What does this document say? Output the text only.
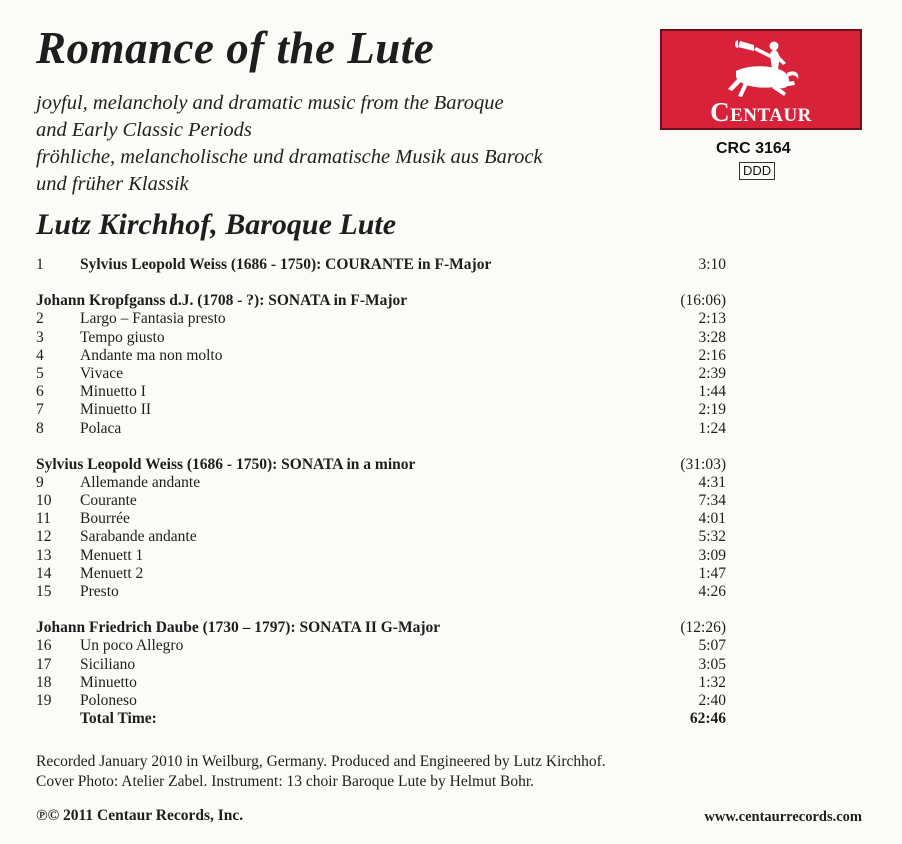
Romance of the Lute
joyful, melancholy and dramatic music from the Baroque
and Early Classic Periods
fröhliche, melancholische und dramatische Musik aus Barock
und früher Klassik
Lutz Kirchhof, Baroque Lute
Centaur
CRC 3164
DDD
1 Sylvius Leopold Weiss (1686 - 1750): COURANTE in F-Major	3:10
Johann Kropfganss d.J. (1708 - ?): SONATA in F-Major	(16:06)
2 Largo – Fantasia presto	2:13
3 Tempo giusto	3:28
4 Andante ma non molto	2:16
5 Vivace	2:39
6 Minuetto I	1:44
7 Minuetto II	2:19
8 Polaca	1:24
Sylvius Leopold Weiss (1686 - 1750): SONATA in a minor	(31:03)
9 Allemande andante	4:31
10 Courante	7:34
11 Bourrée	4:01
12 Sarabande andante	5:32
13 Menuett 1	3:09
14 Menuett 2	1:47
15 Presto	4:26
Johann Friedrich Daube (1730 – 1797): SONATA II G-Major	(12:26)
16 Un poco Allegro	5:07
17 Siciliano	3:05
18 Minuetto	1:32
19 Poloneso	2:40
Total Time:	62:46
Recorded January 2010 in Weilburg, Germany. Produced and Engineered by Lutz Kirchhof.
Cover Photo: Atelier Zabel. Instrument: 13 choir Baroque Lute by Helmut Bohr.
℗© 2011 Centaur Records, Inc.	www.centaurrecords.com
